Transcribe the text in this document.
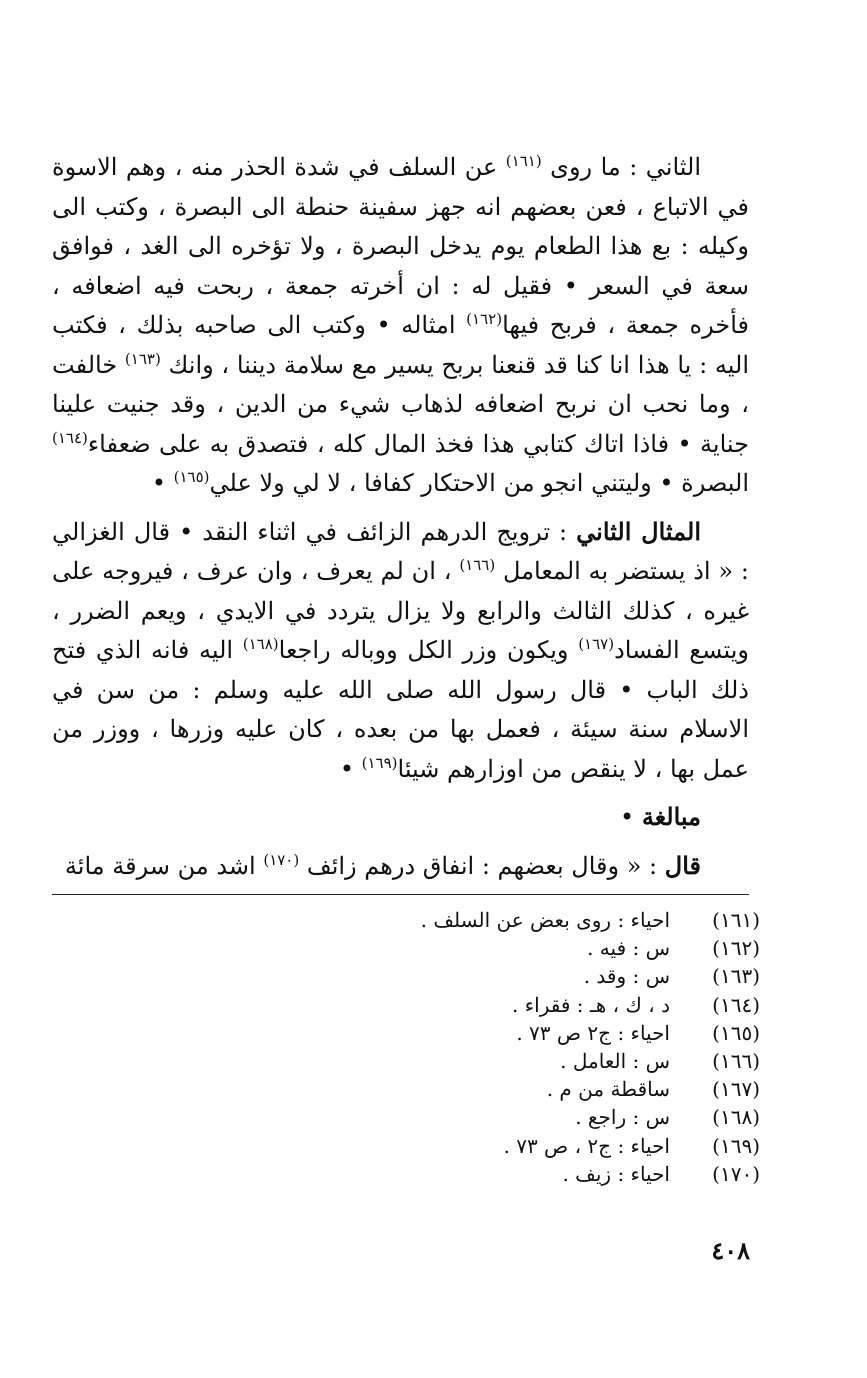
الثاني : ما روى $^{(١٦١)}$ عن السلف في شدة الحذر منه ، وهم الاسوة في الاتباع ، فعن بعضهم انه جهز سفينة حنطة الى البصرة ، وكتب الى وكيله : بع هذا الطعام يوم يدخل البصرة ، ولا تؤخره الى الغد ، فوافق سعة في السعر • فقيل له : ان أخرته جمعة ، ربحت فيه اضعافه ، فأخره جمعة ، فربح فيها$^{(١٦٢)}$ امثاله • وكتب الى صاحبه بذلك ، فكتب اليه : يا هذا انا كنا قد قنعنا بربح يسير مع سلامة ديننا ، وانك $^{(١٦٣)}$ خالفت ، وما نحب ان نربح اضعافه لذهاب شيء من الدين ، وقد جنيت علينا جناية • فاذا اتاك كتابي هذا فخذ المال كله ، فتصدق به على ضعفاء$^{(١٦٤)}$ البصرة • وليتني انجو من الاحتكار كفافا ، لا لي ولا علي$^{(١٦٥)}$ •

المثال الثاني : ترويج الدرهم الزائف في اثناء النقد • قال الغزالي : « اذ يستضر به المعامل $^{(١٦٦)}$ ، ان لم يعرف ، وان عرف ، فيروجه على غيره ، كذلك الثالث والرابع ولا يزال يتردد في الايدي ، ويعم الضرر ، ويتسع الفساد$^{(١٦٧)}$ ويكون وزر الكل ووباله راجعا$^{(١٦٨)}$ اليه فانه الذي فتح ذلك الباب • قال رسول الله صلى الله عليه وسلم : من سن في الاسلام سنة سيئة ، فعمل بها من بعده ، كان عليه وزرها ، ووزر من عمل بها ، لا ينقص من اوزارهم شيئا$^{(١٦٩)}$ •

مبالغة •

قال : « وقال بعضهم : انفاق درهم زائف $^{(١٧٠)}$ اشد من سرقة مائة

(١٦١)
احياء : روى بعض عن السلف .
(١٦٢)
س : فيه .
(١٦٣)
س : وقد .
(١٦٤)
د ، ك ، هـ : فقراء .
(١٦٥)
احياء : ج٢ ص ٧٣ .
(١٦٦)
س : العامل .
(١٦٧)
ساقطة من م .
(١٦٨)
س : راجع .
(١٦٩)
احياء : ج٢ ، ص ٧٣ .
(١٧٠)
احياء : زيف .
٤٠٨
